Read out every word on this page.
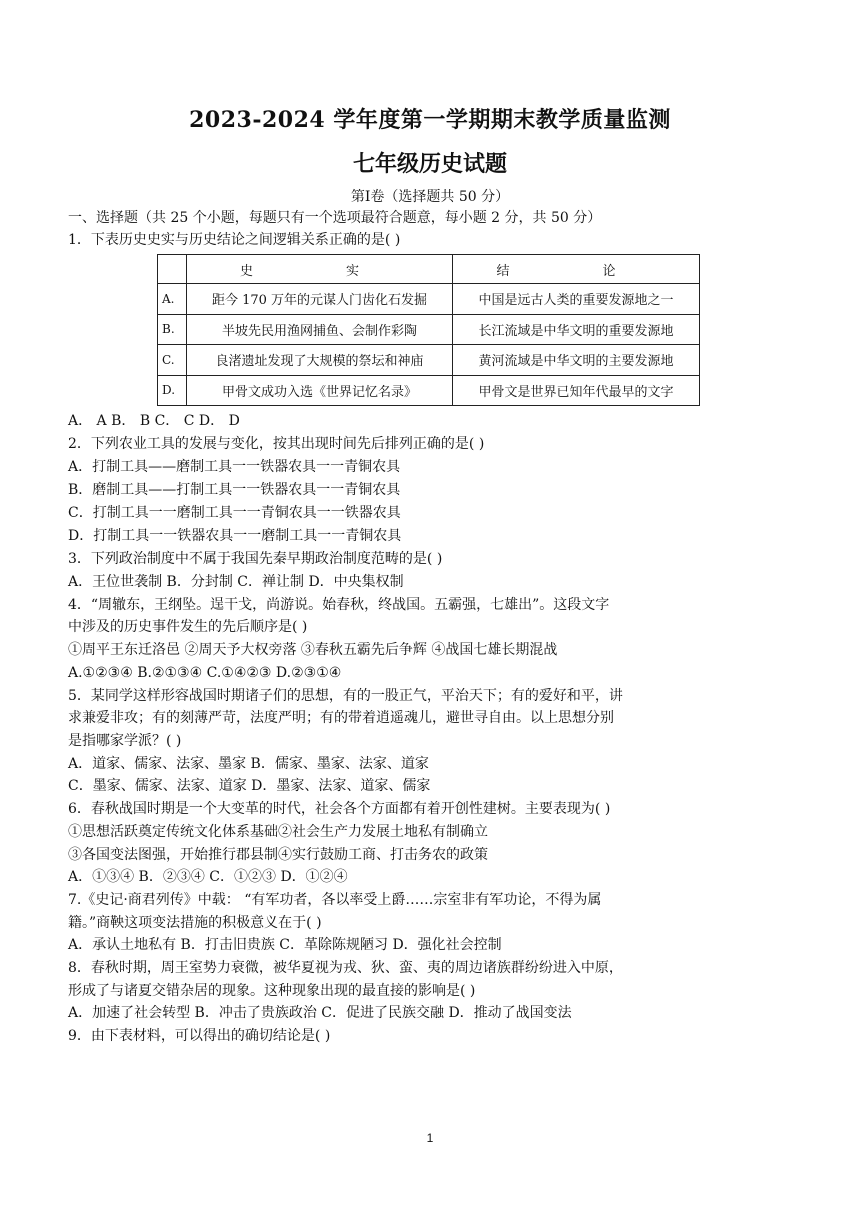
2023-2024 学年度第一学期期末教学质量监测
七年级历史试题
第Ⅰ卷（选择题共 50 分）
一、选择题（共 25 个小题，每题只有一个选项最符合题意，每小题 2 分，共 50 分）
1．下表历史史实与历史结论之间逻辑关系正确的是( )
	史　实	结　论
A.	距今 170 万年的元谋人门齿化石发掘	中国是远古人类的重要发源地之一
B.	半坡先民用渔网捕鱼、会制作彩陶	长江流域是中华文明的重要发源地
C.	良渚遗址发现了大规模的祭坛和神庙	黄河流域是中华文明的主要发源地
D.	甲骨文成功入选《世界记忆名录》	甲骨文是世界已知年代最早的文字
A． A B． B C． C D． D
2．下列农业工具的发展与变化，按其出现时间先后排列正确的是( )
A．打制工具——磨制工具一一铁器农具一一青铜农具
B．磨制工具——打制工具一一铁器农具一一青铜农具
C．打制工具一一磨制工具一一青铜农具一一铁器农具
D．打制工具一一铁器农具一一磨制工具一一青铜农具
3．下列政治制度中不属于我国先秦早期政治制度范畴的是( )
A．王位世袭制 B．分封制 C．禅让制 D．中央集权制
4．“周辙东，王纲坠。逞干戈，尚游说。始春秋，终战国。五霸强，七雄出”。这段文字
中涉及的历史事件发生的先后顺序是( )
①周平王东迁洛邑 ②周天予大权旁落 ③春秋五霸先后争辉 ④战国七雄长期混战
A.①②③④ B.②①③④ C.①④②③ D.②③①④
5．某同学这样形容战国时期诸子们的思想，有的一股正气，平治天下；有的爱好和平，讲
求兼爱非攻；有的刻薄严苛，法度严明；有的带着逍遥魂儿，避世寻自由。以上思想分别
是指哪家学派？( )
A．道家、儒家、法家、墨家 B．儒家、墨家、法家、道家
C．墨家、儒家、法家、道家 D．墨家、法家、道家、儒家
6．春秋战国时期是一个大变革的时代，社会各个方面都有着开创性建树。主要表现为( )
①思想活跃奠定传统文化体系基础②社会生产力发展土地私有制确立
③各国变法图强，开始推行郡县制④实行鼓励工商、打击务农的政策
A．①③④ B．②③④ C．①②③ D．①②④
7.《史记·商君列传》中载： “有军功者，各以率受上爵……宗室非有军功论，不得为属
籍。”商鞅这项变法措施的积极意义在于( )
A．承认土地私有 B．打击旧贵族 C．革除陈规陋习 D．强化社会控制
8．春秋时期，周王室势力衰微，被华夏视为戎、狄、蛮、夷的周边诸族群纷纷进入中原，
形成了与诸夏交错杂居的现象。这种现象出现的最直接的影响是( )
A．加速了社会转型 B．冲击了贵族政治 C．促进了民族交融 D．推动了战国变法
9．由下表材料，可以得出的确切结论是( )
1
